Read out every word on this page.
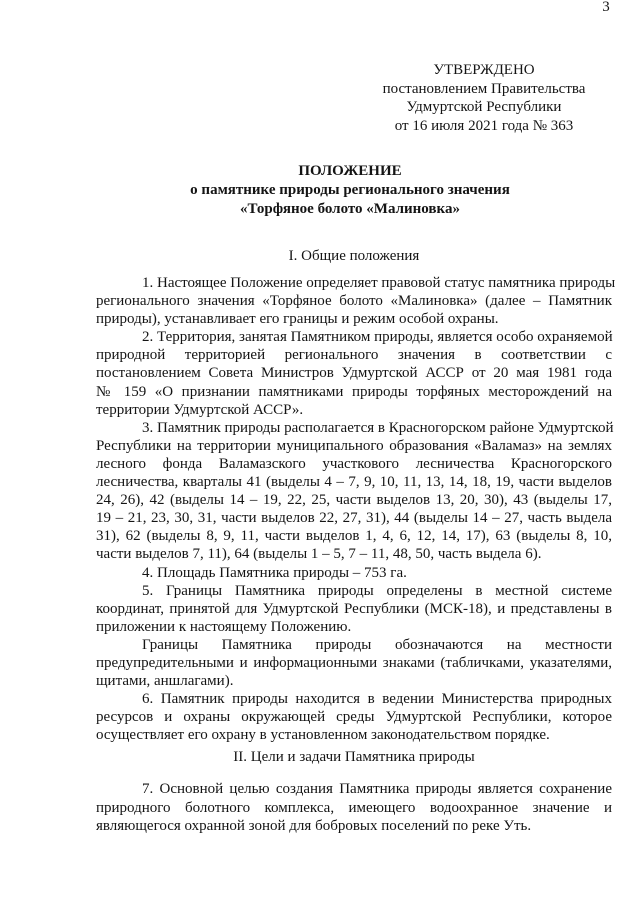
3
УТВЕРЖДЕНО
постановлением Правительства
Удмуртской Республики
от 16 июля 2021 года № 363
ПОЛОЖЕНИЕ
о памятнике природы регионального значения
«Торфяное болото «Малиновка»
I. Общие положения
1. Настоящее Положение определяет правовой статус памятника природы
регионального значения «Торфяное болото «Малиновка» (далее – Памятник
природы), устанавливает его границы и режим особой охраны.
2. Территория, занятая Памятником природы, является особо охраняемой
природной территорией регионального значения в соответствии с
постановлением Совета Министров Удмуртской АССР от 20 мая 1981 года
№ 159 «О признании памятниками природы торфяных месторождений на
территории Удмуртской АССР».
3. Памятник природы располагается в Красногорском районе Удмуртской
Республики на территории муниципального образования «Валамаз» на землях
лесного фонда Валамазского участкового лесничества Красногорского
лесничества, кварталы 41 (выделы 4 – 7, 9, 10, 11, 13, 14, 18, 19, части выделов
24, 26), 42 (выделы 14 – 19, 22, 25, части выделов 13, 20, 30), 43 (выделы 17,
19 – 21, 23, 30, 31, части выделов 22, 27, 31), 44 (выделы 14 – 27, часть выдела
31), 62 (выделы 8, 9, 11, части выделов 1, 4, 6, 12, 14, 17), 63 (выделы 8, 10,
части выделов 7, 11), 64 (выделы 1 – 5, 7 – 11, 48, 50, часть выдела 6).
4. Площадь Памятника природы – 753 га.
5. Границы Памятника природы определены в местной системе
координат, принятой для Удмуртской Республики (МСК-18), и представлены в
приложении к настоящему Положению.
Границы Памятника природы обозначаются на местности
предупредительными и информационными знаками (табличками, указателями,
щитами, аншлагами).
6. Памятник природы находится в ведении Министерства природных
ресурсов и охраны окружающей среды Удмуртской Республики, которое
осуществляет его охрану в установленном законодательством порядке.
II. Цели и задачи Памятника природы
7. Основной целью создания Памятника природы является сохранение
природного болотного комплекса, имеющего водоохранное значение и
являющегося охранной зоной для бобровых поселений по реке Уть.
